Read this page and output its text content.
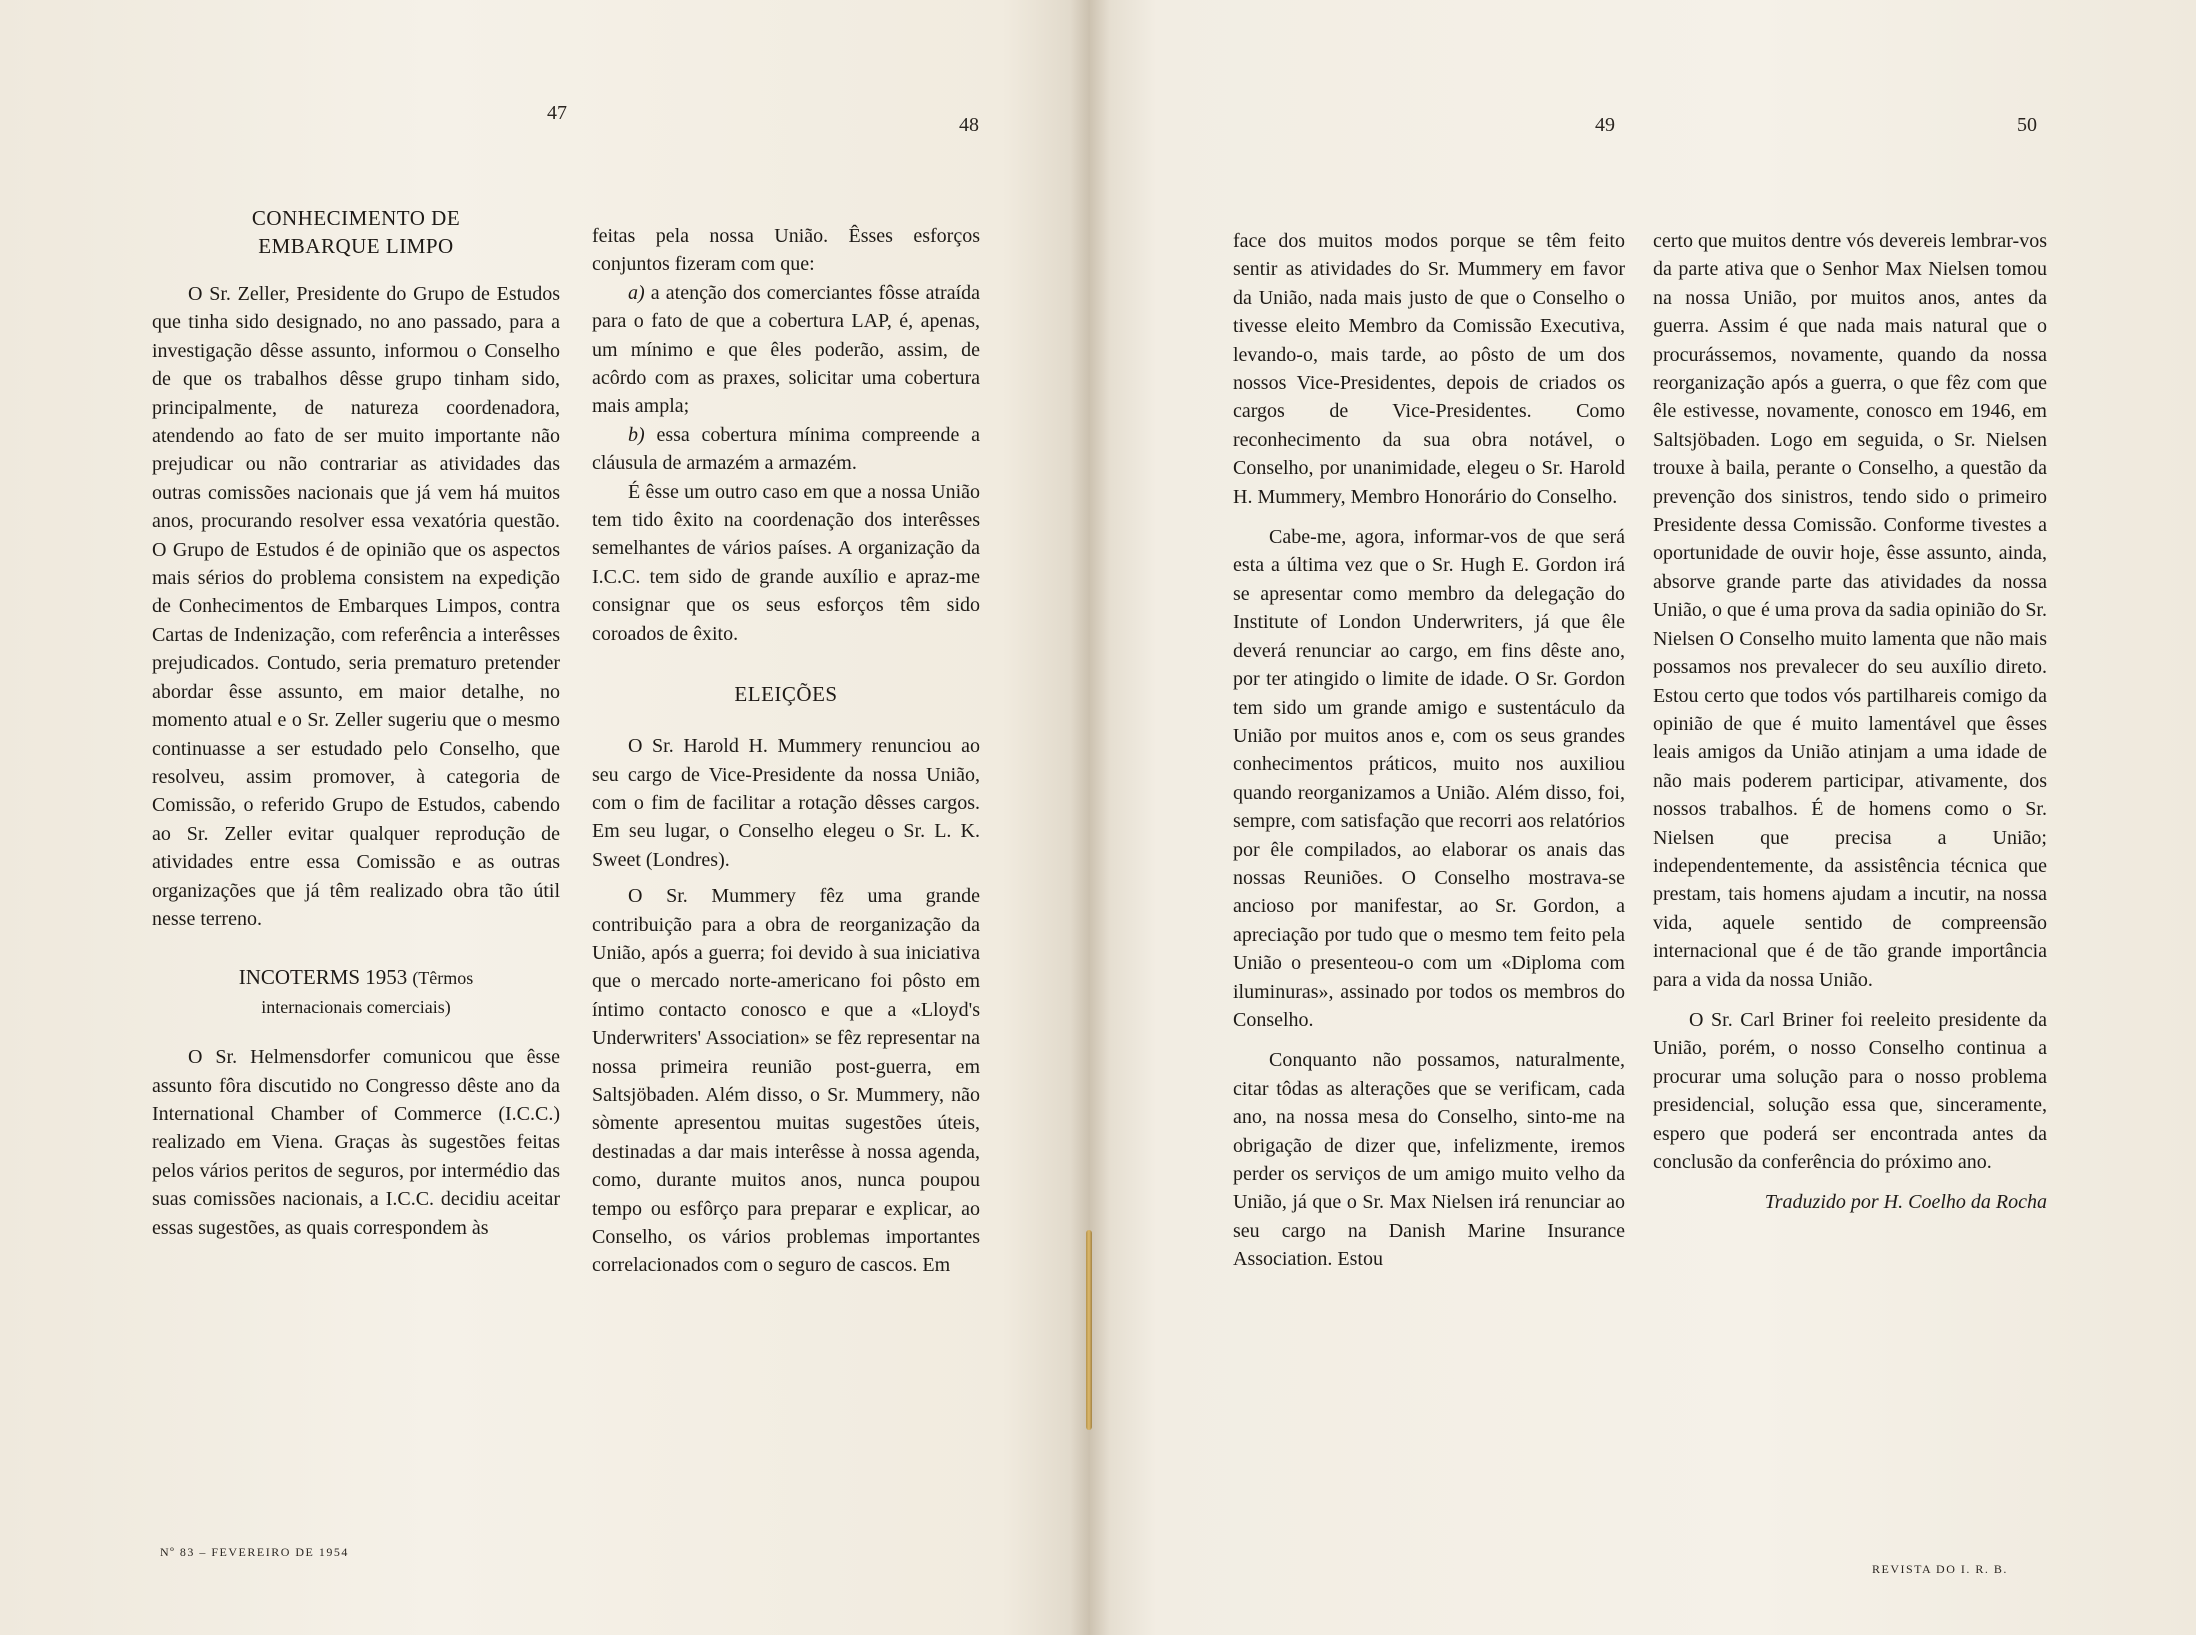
47
48

CONHECIMENTO DE

EMBARQUE LIMPO

O Sr. Zeller, Presidente do Grupo de Estudos que tinha sido designado, no ano passado, para a investigação dêsse assunto, informou o Conselho de que os trabalhos dêsse grupo tinham sido, principalmente, de natureza coordenadora, atendendo ao fato de ser muito importante não prejudicar ou não contrariar as atividades das outras comissões nacionais que já vem há muitos anos, procurando resolver essa vexatória questão. O Grupo de Estudos é de opinião que os aspectos mais sérios do problema consistem na expedição de Conhecimentos de Embarques Limpos, contra Cartas de Indenização, com referência a interêsses prejudicados. Contudo, seria prematuro pretender abordar êsse assunto, em maior detalhe, no momento atual e o Sr. Zeller sugeriu que o mesmo continuasse a ser estudado pelo Conselho, que resolveu, assim promover, à categoria de Comissão, o referido Grupo de Estudos, cabendo ao Sr. Zeller evitar qualquer reprodução de atividades entre essa Comissão e as outras organizações que já têm realizado obra tão útil nesse terreno.

INCOTERMS 1953 (Têrmos
internacionais comerciais)

O Sr. Helmensdorfer comunicou que êsse assunto fôra discutido no Congresso dêste ano da International Chamber of Commerce (I.C.C.) realizado em Viena. Graças às sugestões feitas pelos vários peritos de seguros, por intermédio das suas comissões nacionais, a I.C.C. decidiu aceitar essas sugestões, as quais correspondem às

feitas pela nossa União. Êsses esforços conjuntos fizeram com que:

a) a atenção dos comerciantes fôsse atraída para o fato de que a cobertura LAP, é, apenas, um mínimo e que êles poderão, assim, de acôrdo com as praxes, solicitar uma cobertura mais ampla;

b) essa cobertura mínima compreende a cláusula de armazém a armazém.

É êsse um outro caso em que a nossa União tem tido êxito na coordenação dos interêsses semelhantes de vários países. A organização da I.C.C. tem sido de grande auxílio e apraz-me consignar que os seus esforços têm sido coroados de êxito.

ELEIÇÕES

O Sr. Harold H. Mummery renunciou ao seu cargo de Vice-Presidente da nossa União, com o fim de facilitar a rotação dêsses cargos. Em seu lugar, o Conselho elegeu o Sr. L. K. Sweet (Londres).

O Sr. Mummery fêz uma grande contribuição para a obra de reorganização da União, após a guerra; foi devido à sua iniciativa que o mercado norte-americano foi pôsto em íntimo contacto conosco e que a «Lloyd's Underwriters' Association» se fêz representar na nossa primeira reunião post-guerra, em Saltsjöbaden. Além disso, o Sr. Mummery, não sòmente apresentou muitas sugestões úteis, destinadas a dar mais interêsse à nossa agenda, como, durante muitos anos, nunca poupou tempo ou esfôrço para preparar e explicar, ao Conselho, os vários problemas importantes correlacionados com o seguro de cascos. Em

Nº 83 – FEVEREIRO DE 1954
49	50

face dos muitos modos porque se têm feito sentir as atividades do Sr. Mummery em favor da União, nada mais justo de que o Conselho o tivesse eleito Membro da Comissão Executiva, levando-o, mais tarde, ao pôsto de um dos nossos Vice-Presidentes, depois de criados os cargos de Vice-Presidentes. Como reconhecimento da sua obra notável, o Conselho, por unanimidade, elegeu o Sr. Harold H. Mummery, Membro Honorário do Conselho.

Cabe-me, agora, informar-vos de que será esta a última vez que o Sr. Hugh E. Gordon irá se apresentar como membro da delegação do Institute of London Underwriters, já que êle deverá renunciar ao cargo, em fins dêste ano, por ter atingido o limite de idade. O Sr. Gordon tem sido um grande amigo e sustentáculo da União por muitos anos e, com os seus grandes conhecimentos práticos, muito nos auxiliou quando reorganizamos a União. Além disso, foi, sempre, com satisfação que recorri aos relatórios por êle compilados, ao elaborar os anais das nossas Reuniões. O Conselho mostrava-se ancioso por manifestar, ao Sr. Gordon, a apreciação por tudo que o mesmo tem feito pela União o presenteou-o com um «Diploma com iluminuras», assinado por todos os membros do Conselho.

Conquanto não possamos, naturalmente, citar tôdas as alterações que se verificam, cada ano, na nossa mesa do Conselho, sinto-me na obrigação de dizer que, infelizmente, iremos perder os serviços de um amigo muito velho da União, já que o Sr. Max Nielsen irá renunciar ao seu cargo na Danish Marine Insurance Association. Estou

certo que muitos dentre vós devereis lembrar-vos da parte ativa que o Senhor Max Nielsen tomou na nossa União, por muitos anos, antes da guerra. Assim é que nada mais natural que o procurássemos, novamente, quando da nossa reorganização após a guerra, o que fêz com que êle estivesse, novamente, conosco em 1946, em Saltsjöbaden. Logo em seguida, o Sr. Nielsen trouxe à baila, perante o Conselho, a questão da prevenção dos sinistros, tendo sido o primeiro Presidente dessa Comissão. Conforme tivestes a oportunidade de ouvir hoje, êsse assunto, ainda, absorve grande parte das atividades da nossa União, o que é uma prova da sadia opinião do Sr. Nielsen O Conselho muito lamenta que não mais possamos nos prevalecer do seu auxílio direto. Estou certo que todos vós partilhareis comigo da opinião de que é muito lamentável que êsses leais amigos da União atinjam a uma idade de não mais poderem participar, ativamente, dos nossos trabalhos. É de homens como o Sr. Nielsen que precisa a União; independentemente, da assistência técnica que prestam, tais homens ajudam a incutir, na nossa vida, aquele sentido de compreensão internacional que é de tão grande importância para a vida da nossa União.

O Sr. Carl Briner foi reeleito presidente da União, porém, o nosso Conselho continua a procurar uma solução para o nosso problema presidencial, solução essa que, sinceramente, espero que poderá ser encontrada antes da conclusão da conferência do próximo ano.

Traduzido por H. Coelho da Rocha

REVISTA DO I. R. B.
